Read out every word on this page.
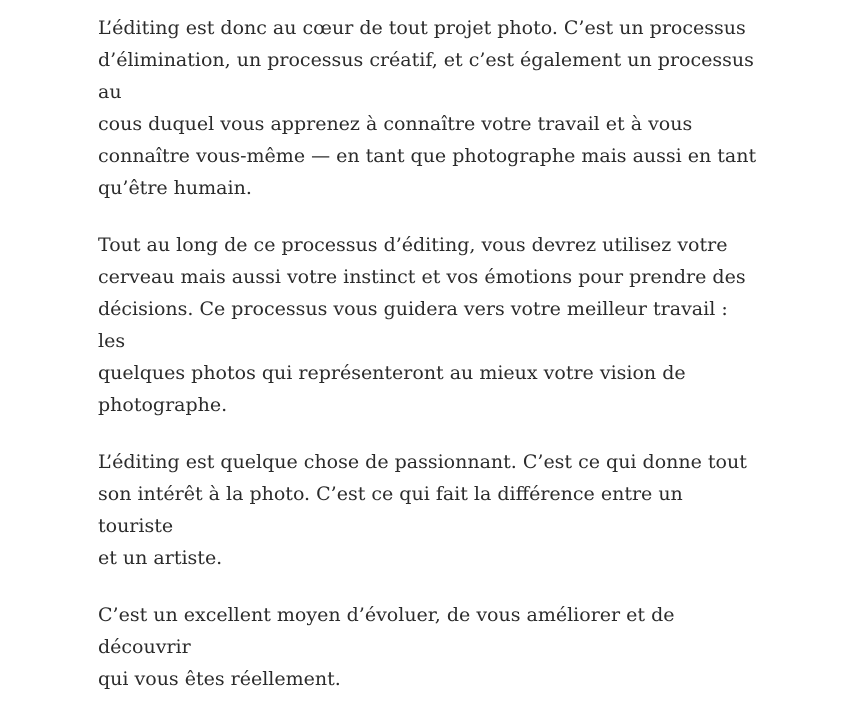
L’éditing est donc au cœur de tout projet photo. C’est un processus
d’élimination, un processus créatif, et c’est également un processus au
cous duquel vous apprenez à connaître votre travail et à vous
connaître vous-même — en tant que photographe mais aussi en tant
qu’être humain.

Tout au long de ce processus d’éditing, vous devrez utilisez votre
cerveau mais aussi votre instinct et vos émotions pour prendre des
décisions. Ce processus vous guidera vers votre meilleur travail : les
quelques photos qui représenteront au mieux votre vision de
photographe.

L’éditing est quelque chose de passionnant. C’est ce qui donne tout
son intérêt à la photo. C’est ce qui fait la différence entre un touriste
et un artiste.

C’est un excellent moyen d’évoluer, de vous améliorer et de découvrir
qui vous êtes réellement.
